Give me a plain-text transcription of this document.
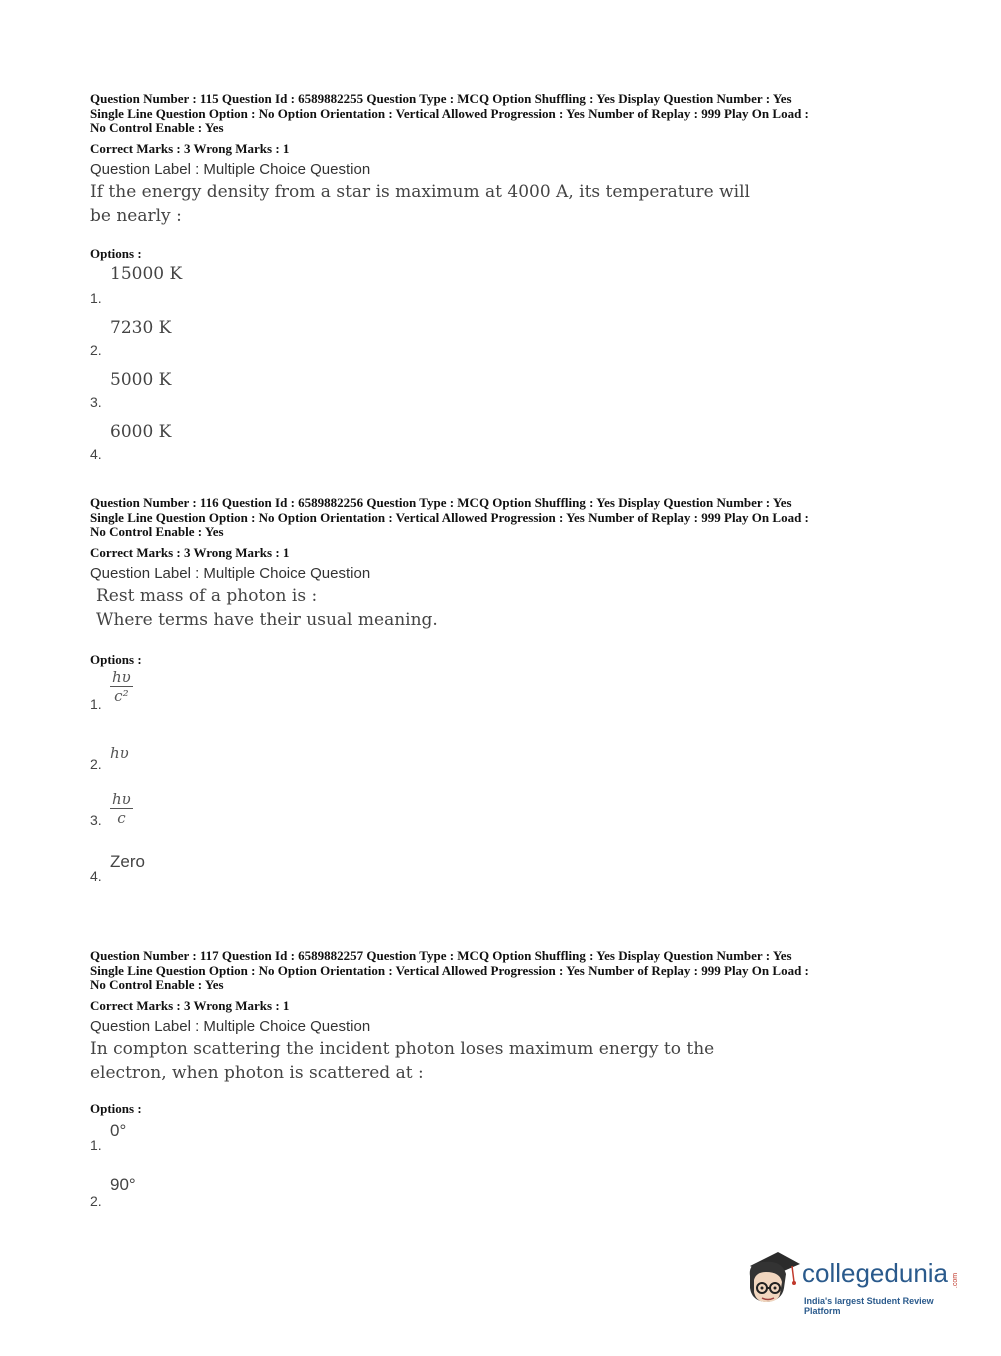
Question Number : 115 Question Id : 6589882255 Question Type : MCQ Option Shuffling : Yes Display Question Number : Yes
Single Line Question Option : No Option Orientation : Vertical Allowed Progression : Yes Number of Replay : 999 Play On Load :
No Control Enable : Yes

Correct Marks : 3 Wrong Marks : 1
Question Label : Multiple Choice Question
If the energy density from a star is maximum at 4000 A, its temperature will
be nearly :
Options :
1.
15000 K
2.
7230 K
3.
5000 K
4.
6000 K

Question Number : 116 Question Id : 6589882256 Question Type : MCQ Option Shuffling : Yes Display Question Number : Yes
Single Line Question Option : No Option Orientation : Vertical Allowed Progression : Yes Number of Replay : 999 Play On Load :
No Control Enable : Yes

Correct Marks : 3 Wrong Marks : 1
Question Label : Multiple Choice Question
Rest mass of a photon is :
Where terms have their usual meaning.
Options :
1. $\frac{h\upsilon}{\text{c²}}$
2.
hυ
3. $\frac{h\upsilon}{c}$
4.
Zero

Question Number : 117 Question Id : 6589882257 Question Type : MCQ Option Shuffling : Yes Display Question Number : Yes
Single Line Question Option : No Option Orientation : Vertical Allowed Progression : Yes Number of Replay : 999 Play On Load :
No Control Enable : Yes

Correct Marks : 3 Wrong Marks : 1
Question Label : Multiple Choice Question
In compton scattering the incident photon loses maximum energy to the
electron, when photon is scattered at :
Options :
1.
0°
2.
90°
collegedunia .com
India's largest Student Review Platform
